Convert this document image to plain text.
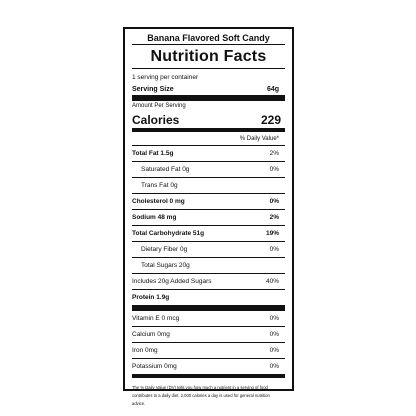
Banana Flavored Soft Candy
Nutrition Facts
1 serving per container
Serving Size	64g
Amount Per Serving
Calories	229
% Daily Value*
Total Fat 1.5g	2%
Saturated Fat 0g	0%
Trans Fat 0g
Cholesterol 0 mg	0%
Sodium 48 mg	2%
Total Carbohydrate 51g	19%
Dietary Fiber 0g	0%
Total Sugars 20g
Includes 20g Added Sugars	40%
Protein 1.9g
Vitamin E 0 mcg	0%
Calcium 0mg	0%
Iron 0mg	0%
Potassium 0mg	0%
The % Daily Value (DV) tells you how much a nutrient in a serving of food contributes to a daily diet. 2,000 calories a day is used for general nutrition advice.
